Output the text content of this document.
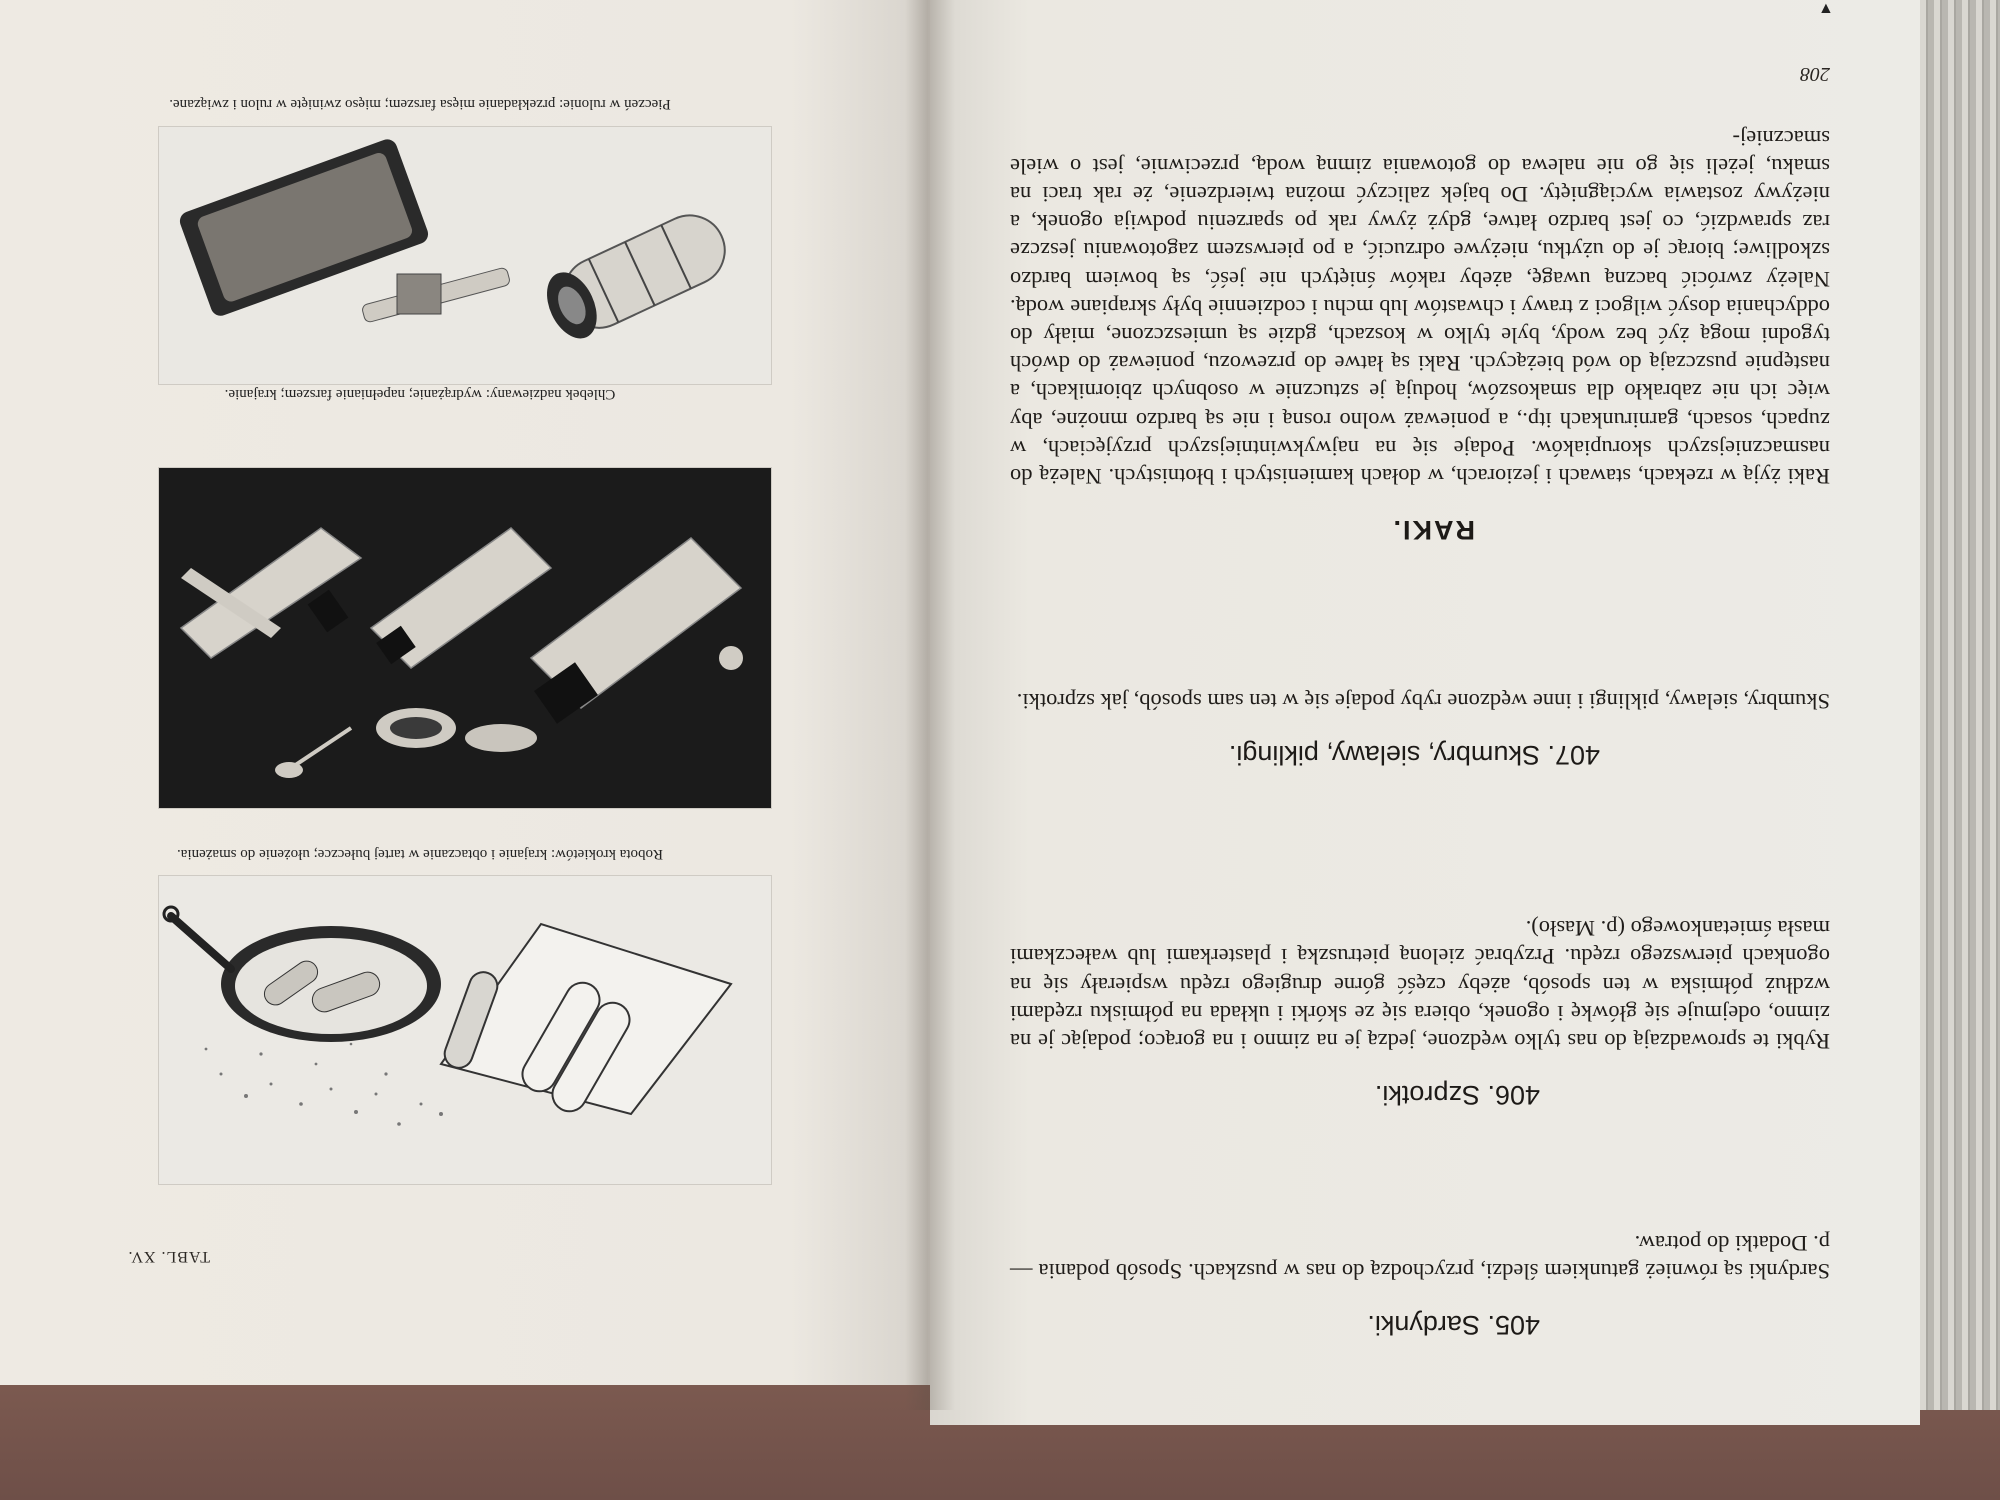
TABL. XV.
Robota krokietów: krajanie i obtaczanie w tartej bułeczce; ułożenie do smażenia.
Chlebek nadziewany: wydrążanie; napełnianie farszem; krajanie.
Pieczeń w rulonie: przekładanie mięsa farszem; mięso zwinięte w rulon i związane.
405. Sardynki.
Sardynki są również gatunkiem śledzi, przychodzą do nas w puszkach. Sposób podania — p. Dodatki do potraw.
406. Szprotki.
Rybki te sprowadzają do nas tylko wędzone, jedzą je na zimno i na gorąco; podając je na zimno, odejmuje się główkę i ogonek, obiera się ze skórki i układa na półmisku rzędami wzdłuż półmiska w ten sposób, ażeby część górne drugiego rzędu wspierały się na ogonkach pierwszego rzędu. Przybrać zieloną pietruszką i plasterkami lub wałeczkami masła śmietankowego (p. Masło).
407. Skumbry, sielawy, piklingi.
Skumbry, sielawy, piklingi i inne wędzone ryby podaje się w ten sam sposób, jak szprotki.
RAKI.
Raki żyją w rzekach, stawach i jeziorach, w dołach kamienistych i błotnistych. Należą do nasmaczniejszych skorupiaków. Podaje się na najwykwintniejszych przyjęciach, w zupach, sosach, garnirunkach itp., a ponieważ wolno rosną i nie są bardzo mnożne, aby więc ich nie zabrakło dla smakoszów, hodują je sztucznie w osobnych zbiornikach, a następnie puszczają do wód bieżących. Raki są łatwe do przewozu, ponieważ do dwóch tygodni mogą żyć bez wody, byle tylko w koszach, gdzie są umieszczone, miały do oddychania dosyć wilgoci z trawy i chwastów lub mchu i codziennie były skrapiane wodą. Należy zwrócić baczną uwagę, ażeby raków śniętych nie jeść, są bowiem bardzo szkodliwe; biorąc je do użytku, nieżywe odrzucić, a po pierwszem zagotowaniu jeszcze raz sprawdzić, co jest bardzo łatwe, gdyż żywy rak po sparzeniu podwija ogonek, a nieżywy zostawia wyciągnięty. Do bajek zaliczyć można twierdzenie, że rak traci na smaku, jeżeli się go nie nalewa do gotowania zimną wodą, przeciwnie, jest o wiele smaczniej-
208
▲
